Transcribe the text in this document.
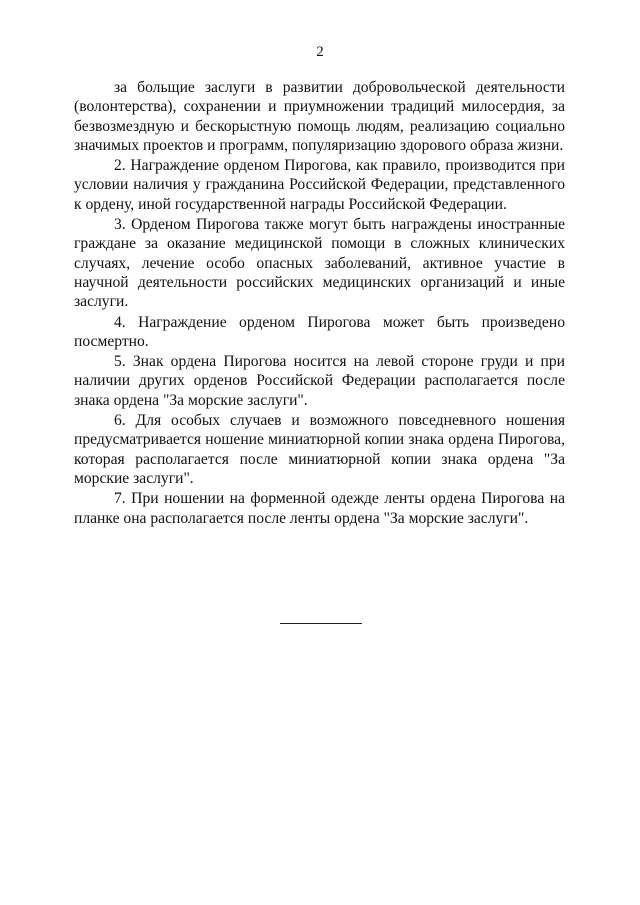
2

за больщие заслуги в развитии добровольческой деятельности (волонтерства), сохранении и приумножении традиций милосердия, за безвозмездную и бескорыстную помощь людям, реализацию социально значимых проектов и программ, популяризацию здорового образа жизни.

2. Награждение орденом Пирогова, как правило, производится при условии наличия у гражданина Российской Федерации, представленного к ордену, иной государственной награды Российской Федерации.

3. Орденом Пирогова также могут быть награждены иностранные граждане за оказание медицинской помощи в сложных клинических случаях, лечение особо опасных заболеваний, активное участие в научной деятельности российских медицинских организаций и иные заслуги.

4. Награждение орденом Пирогова может быть произведено посмертно.

5. Знак ордена Пирогова носится на левой стороне груди и при наличии других орденов Российской Федерации располагается после знака ордена "За морские заслуги".

6. Для особых случаев и возможного повседневного ношения предусматривается ношение миниатюрной копии знака ордена Пирогова, которая располагается после миниатюрной копии знака ордена "За морские заслуги".

7. При ношении на форменной одежде ленты ордена Пирогова на планке она располагается после ленты ордена "За морские заслуги".
